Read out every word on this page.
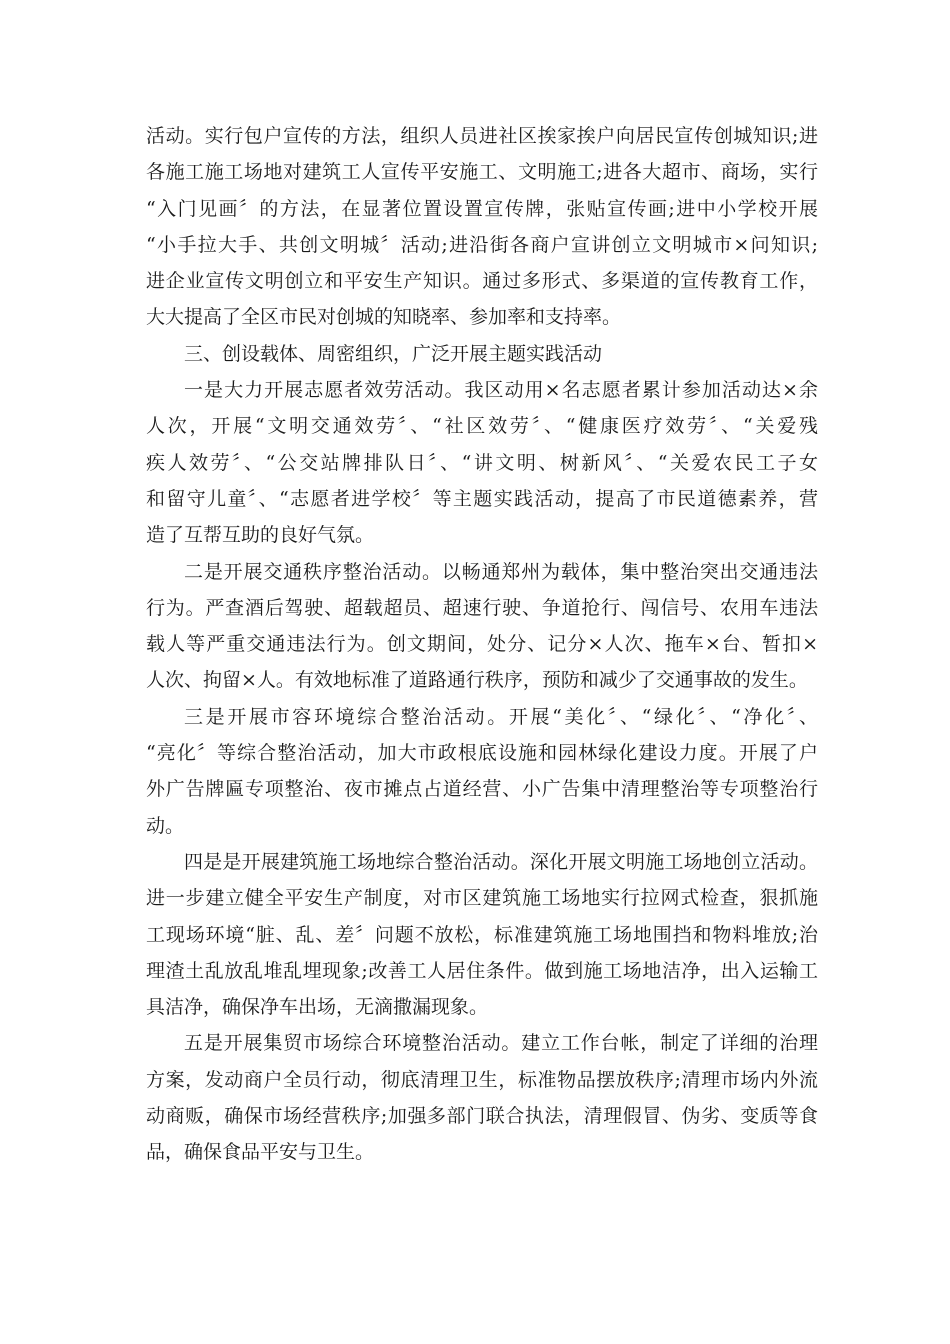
活动。实行包户宣传的方法，组织人员进社区挨家挨户向居民宣传创城知识;进
各施工施工场地对建筑工人宣传平安施工、文明施工;进各大超市、商场，实行
“入门见画〞的方法，在显著位置设置宣传牌，张贴宣传画;进中小学校开展
“小手拉大手、共创文明城〞活动;进沿街各商户宣讲创立文明城市×问知识;
进企业宣传文明创立和平安生产知识。通过多形式、多渠道的宣传教育工作，
大大提高了全区市民对创城的知晓率、参加率和支持率。
三、创设载体、周密组织，广泛开展主题实践活动
一是大力开展志愿者效劳活动。我区动用×名志愿者累计参加活动达×余
人次，开展“文明交通效劳〞、“社区效劳〞、“健康医疗效劳〞、“关爱残
疾人效劳〞、“公交站牌排队日〞、“讲文明、树新风〞、“关爱农民工子女
和留守儿童〞、“志愿者进学校〞等主题实践活动，提高了市民道德素养，营
造了互帮互助的良好气氛。
二是开展交通秩序整治活动。以畅通郑州为载体，集中整治突出交通违法
行为。严查酒后驾驶、超载超员、超速行驶、争道抢行、闯信号、农用车违法
载人等严重交通违法行为。创文期间，处分、记分×人次、拖车×台、暂扣×
人次、拘留×人。有效地标准了道路通行秩序，预防和减少了交通事故的发生。
三是开展市容环境综合整治活动。开展“美化〞、“绿化〞、“净化〞、
“亮化〞等综合整治活动，加大市政根底设施和园林绿化建设力度。开展了户
外广告牌匾专项整治、夜市摊点占道经营、小广告集中清理整治等专项整治行
动。
四是是开展建筑施工场地综合整治活动。深化开展文明施工场地创立活动。
进一步建立健全平安生产制度，对市区建筑施工场地实行拉网式检查，狠抓施
工现场环境“脏、乱、差〞问题不放松，标准建筑施工场地围挡和物料堆放;治
理渣土乱放乱堆乱埋现象;改善工人居住条件。做到施工场地洁净，出入运输工
具洁净，确保净车出场，无滴撒漏现象。
五是开展集贸市场综合环境整治活动。建立工作台帐，制定了详细的治理
方案，发动商户全员行动，彻底清理卫生，标准物品摆放秩序;清理市场内外流
动商贩，确保市场经营秩序;加强多部门联合执法，清理假冒、伪劣、变质等食
品，确保食品平安与卫生。
